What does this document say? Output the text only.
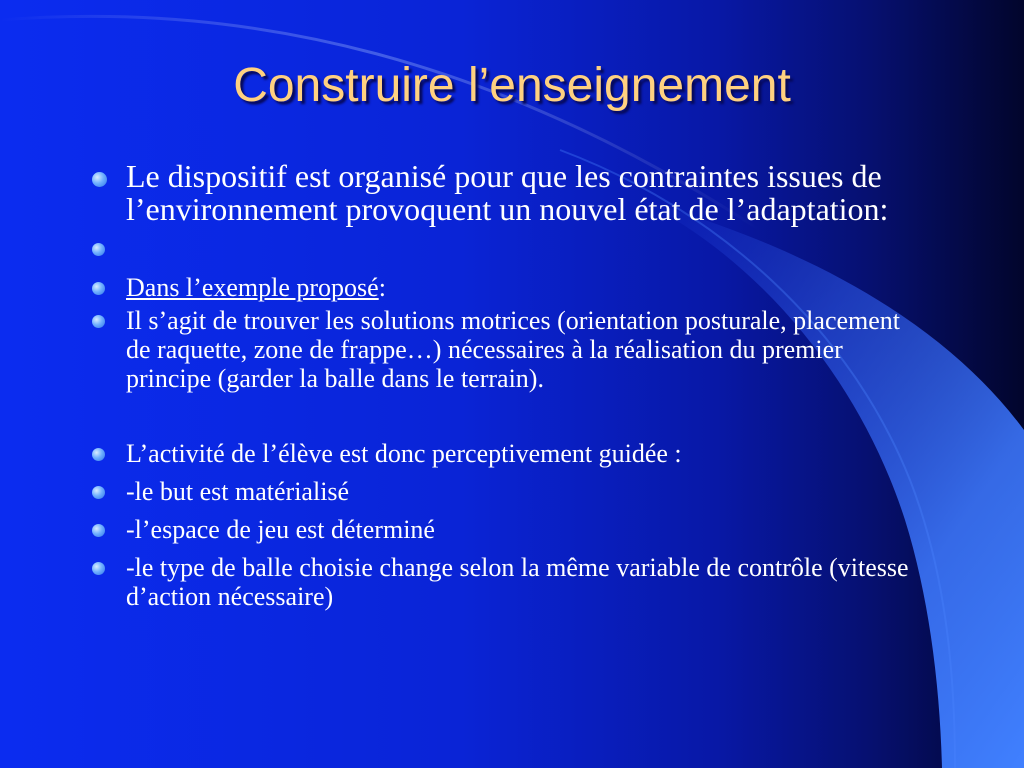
Construire l’enseignement
Le dispositif est organisé pour que les contraintes issues de l’environnement provoquent un nouvel état de l’adaptation:
Dans l’exemple proposé:
Il s’agit de trouver les solutions motrices (orientation posturale, placement de raquette, zone de frappe…) nécessaires à la réalisation du premier principe (garder la balle dans le terrain).
L’activité de l’élève est donc perceptivement guidée :
-le but est matérialisé
-l’espace de jeu est déterminé
-le type de balle choisie change selon la même variable de contrôle (vitesse d’action nécessaire)
